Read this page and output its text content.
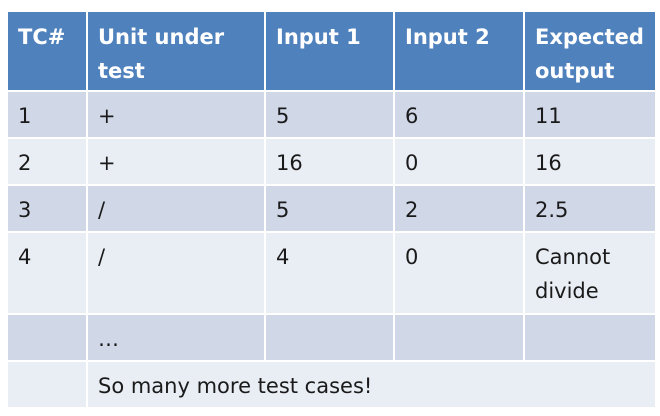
TC#	Unit under test	Input 1	Input 2	Expected output
1	+	5	6	11
2	+	16	0	16
3	/	5	2	2.5
4	/	4	0	Cannot divide
	…			
	So many more test cases!			
